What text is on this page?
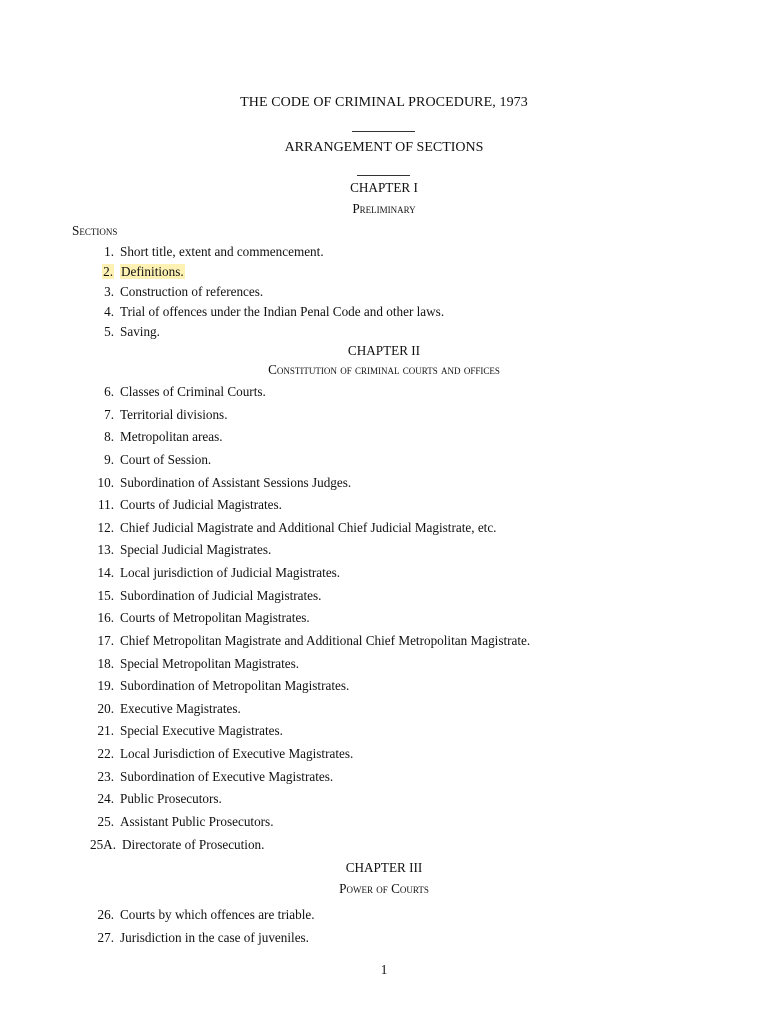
THE CODE OF CRIMINAL PROCEDURE, 1973
ARRANGEMENT OF SECTIONS
CHAPTER I
Preliminary
Sections
1. Short title, extent and commencement.
2. Definitions.
3. Construction of references.
4. Trial of offences under the Indian Penal Code and other laws.
5. Saving.
CHAPTER II
Constitution of criminal courts and offices
6. Classes of Criminal Courts.
7. Territorial divisions.
8. Metropolitan areas.
9. Court of Session.
10. Subordination of Assistant Sessions Judges.
11. Courts of Judicial Magistrates.
12. Chief Judicial Magistrate and Additional Chief Judicial Magistrate, etc.
13. Special Judicial Magistrates.
14. Local jurisdiction of Judicial Magistrates.
15. Subordination of Judicial Magistrates.
16. Courts of Metropolitan Magistrates.
17. Chief Metropolitan Magistrate and Additional Chief Metropolitan Magistrate.
18. Special Metropolitan Magistrates.
19. Subordination of Metropolitan Magistrates.
20. Executive Magistrates.
21. Special Executive Magistrates.
22. Local Jurisdiction of Executive Magistrates.
23. Subordination of Executive Magistrates.
24. Public Prosecutors.
25. Assistant Public Prosecutors.
25A. Directorate of Prosecution.
CHAPTER III
Power of Courts
26. Courts by which offences are triable.
27. Jurisdiction in the case of juveniles.
1
